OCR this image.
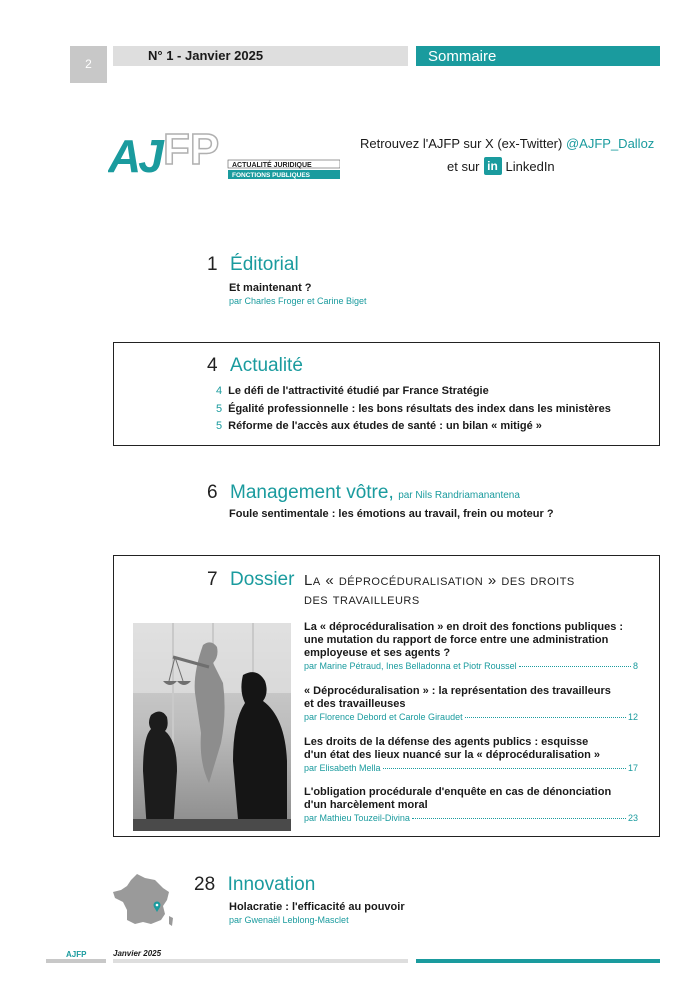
2
N° 1 - Janvier 2025	Sommaire
AJ FP ACTUALITÉ JURIDIQUE
FONCTIONS PUBLIQUES
Retrouvez l'AJFP sur X (ex-Twitter) @AJFP_Dalloz
et sur in LinkedIn
1 Éditorial
Et maintenant ?
par Charles Froger et Carine Biget
4 Actualité
4 Le défi de l'attractivité étudié par France Stratégie
5 Égalité professionnelle : les bons résultats des index dans les ministères
5 Réforme de l'accès aux études de santé : un bilan « mitigé »
6 Management vôtre, par Nils Randriamanantena
Foule sentimentale : les émotions au travail, frein ou moteur ?
7 Dossier La « déprocéduralisation » des droits
des travailleurs
La « déprocéduralisation » en droit des fonctions publiques :
une mutation du rapport de force entre une administration
employeuse et ses agents ?
par Marine Pétraud, Ines Belladonna et Piotr Roussel	8
« Déprocéduralisation » : la représentation des travailleurs
et des travailleuses
par Florence Debord et Carole Giraudet	12
Les droits de la défense des agents publics : esquisse
d'un état des lieux nuancé sur la « déprocéduralisation »
par Elisabeth Mella	17
L'obligation procédurale d'enquête en cas de dénonciation
d'un harcèlement moral
par Mathieu Touzeil-Divina	23
28 Innovation
Holacratie : l'efficacité au pouvoir
par Gwenaël Leblong-Masclet
AJFP	Janvier 2025
